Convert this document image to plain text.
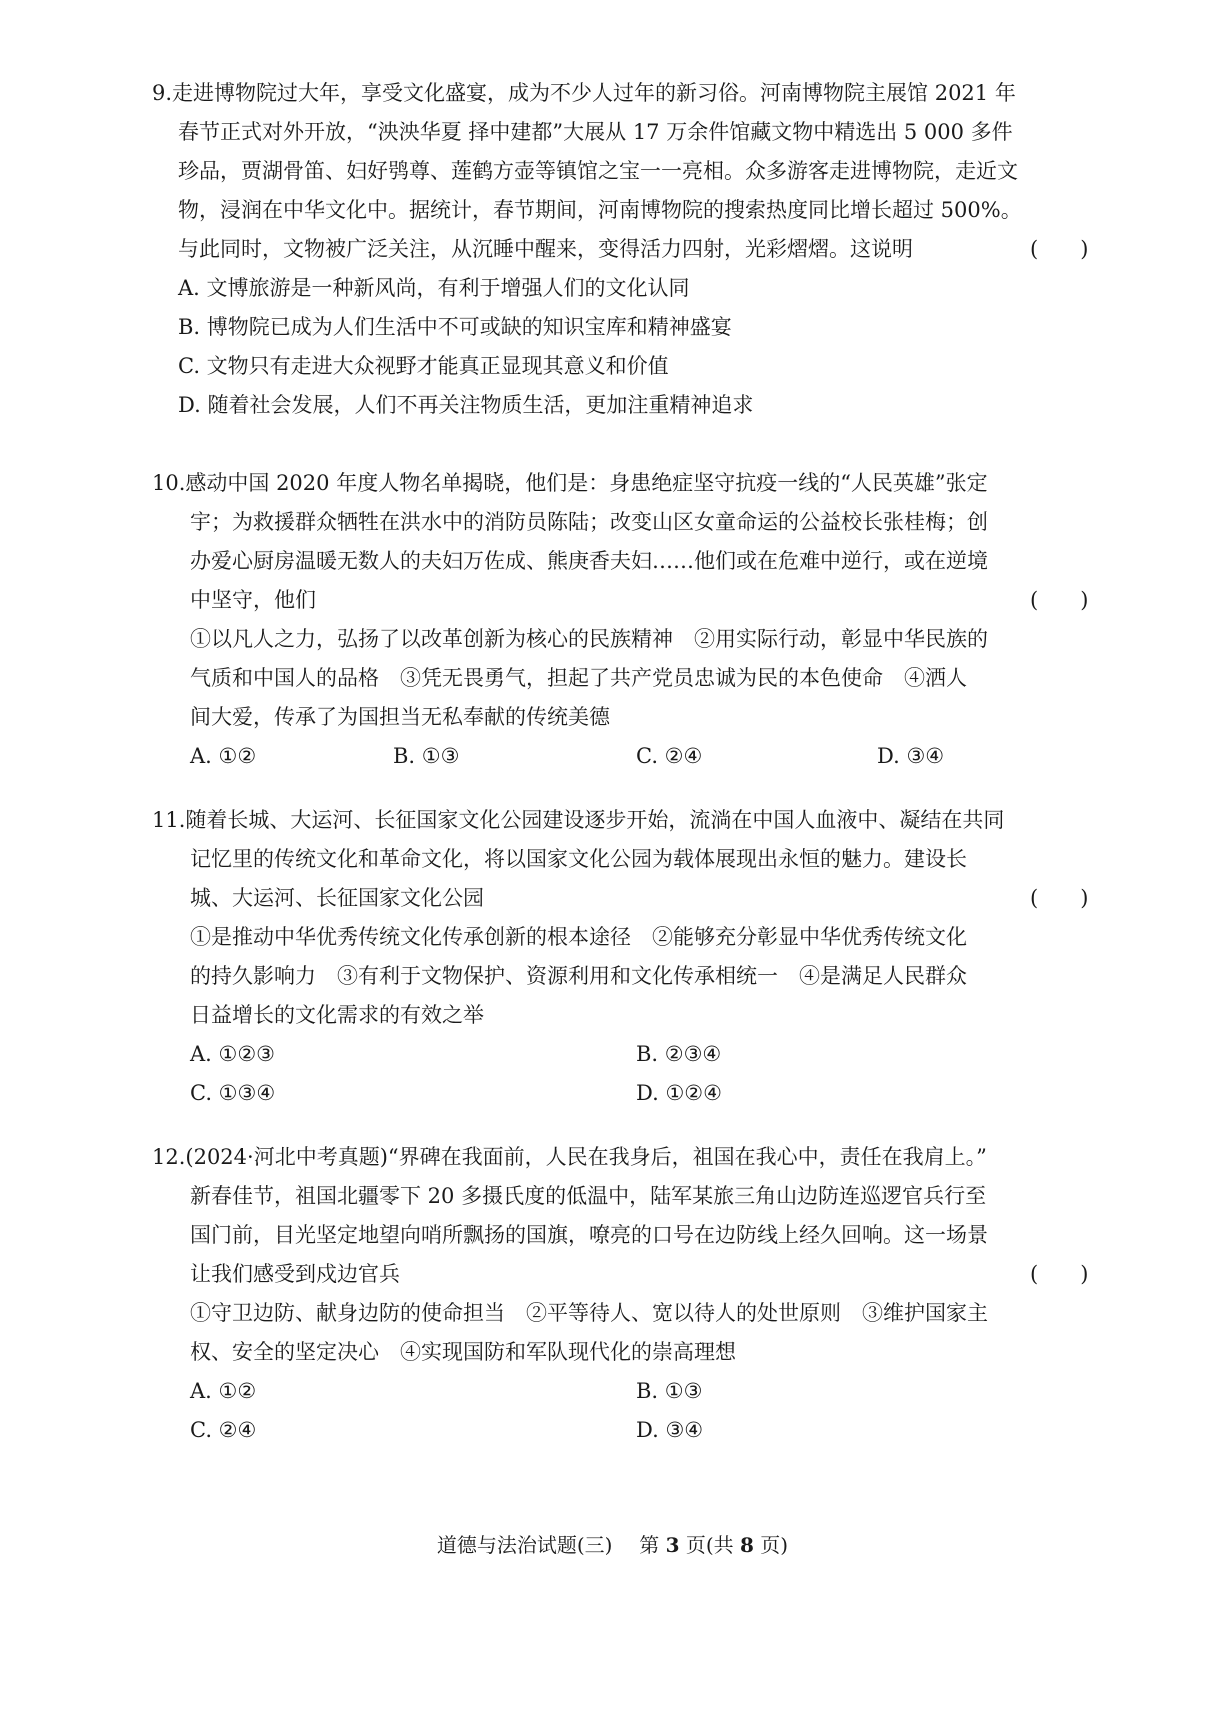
9.走进博物院过大年，享受文化盛宴，成为不少人过年的新习俗。河南博物院主展馆 2021 年
春节正式对外开放，“泱泱华夏 择中建都”大展从 17 万余件馆藏文物中精选出 5 000 多件
珍品，贾湖骨笛、妇好鸮尊、莲鹤方壶等镇馆之宝一一亮相。众多游客走进博物院，走近文
物，浸润在中华文化中。据统计，春节期间，河南博物院的搜索热度同比增长超过 500%。
与此同时，文物被广泛关注，从沉睡中醒来，变得活力四射，光彩熠熠。这说明	(　　)
A. 文博旅游是一种新风尚，有利于增强人们的文化认同
B. 博物院已成为人们生活中不可或缺的知识宝库和精神盛宴
C. 文物只有走进大众视野才能真正显现其意义和价值
D. 随着社会发展，人们不再关注物质生活，更加注重精神追求
10.感动中国 2020 年度人物名单揭晓，他们是：身患绝症坚守抗疫一线的“人民英雄”张定
宇；为救援群众牺牲在洪水中的消防员陈陆；改变山区女童命运的公益校长张桂梅；创
办爱心厨房温暖无数人的夫妇万佐成、熊庚香夫妇……他们或在危难中逆行，或在逆境
中坚守，他们	(　　)
①以凡人之力，弘扬了以改革创新为核心的民族精神　②用实际行动，彰显中华民族的
气质和中国人的品格　③凭无畏勇气，担起了共产党员忠诚为民的本色使命　④洒人
间大爱，传承了为国担当无私奉献的传统美德
A. ①②	B. ①③	C. ②④	D. ③④
11.随着长城、大运河、长征国家文化公园建设逐步开始，流淌在中国人血液中、凝结在共同
记忆里的传统文化和革命文化，将以国家文化公园为载体展现出永恒的魅力。建设长
城、大运河、长征国家文化公园	(　　)
①是推动中华优秀传统文化传承创新的根本途径　②能够充分彰显中华优秀传统文化
的持久影响力　③有利于文物保护、资源利用和文化传承相统一　④是满足人民群众
日益增长的文化需求的有效之举
A. ①②③	B. ②③④
C. ①③④	D. ①②④
12.(2024·河北中考真题)“界碑在我面前，人民在我身后，祖国在我心中，责任在我肩上。”
新春佳节，祖国北疆零下 20 多摄氏度的低温中，陆军某旅三角山边防连巡逻官兵行至
国门前，目光坚定地望向哨所飘扬的国旗，嘹亮的口号在边防线上经久回响。这一场景
让我们感受到戍边官兵	(　　)
①守卫边防、献身边防的使命担当　②平等待人、宽以待人的处世原则　③维护国家主
权、安全的坚定决心　④实现国防和军队现代化的崇高理想
A. ①②	B. ①③
C. ②④	D. ③④
道德与法治试题(三) 第 3 页(共 8 页)
